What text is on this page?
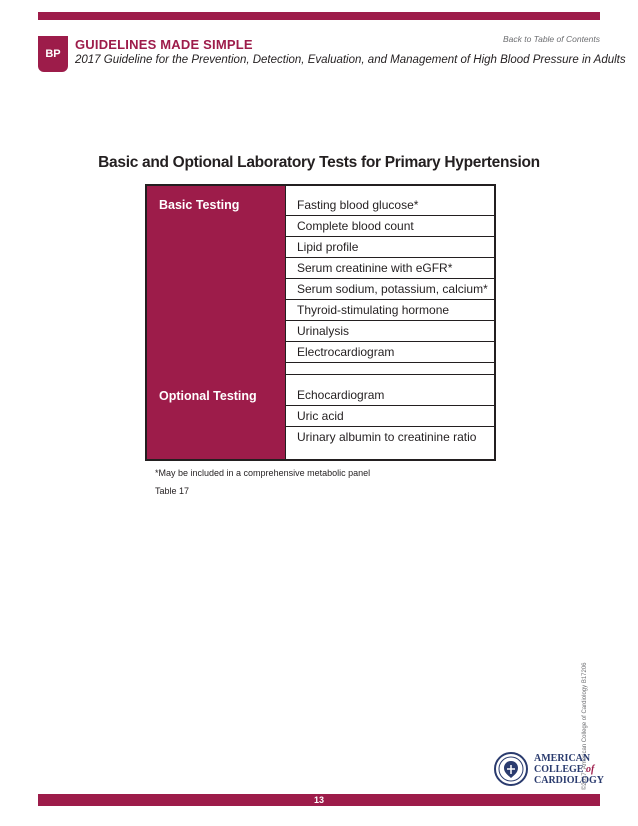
BP
Back to Table of Contents
GUIDELINES MADE SIMPLE
2017 Guideline for the Prevention, Detection, Evaluation, and Management of High Blood Pressure in Adults
Basic and Optional Laboratory Tests for Primary Hypertension
Basic Testing
Optional Testing
Fasting blood glucose*
Complete blood count
Lipid profile
Serum creatinine with eGFR*
Serum sodium, potassium, calcium*
Thyroid-stimulating hormone
Urinalysis
Electrocardiogram
Echocardiogram
Uric acid
Urinary albumin to creatinine ratio
*May be included in a comprehensive metabolic panel
Table 17
©2017, American College of Cardiology B17206
AMERICAN
COLLEGE of
CARDIOLOGY
13
